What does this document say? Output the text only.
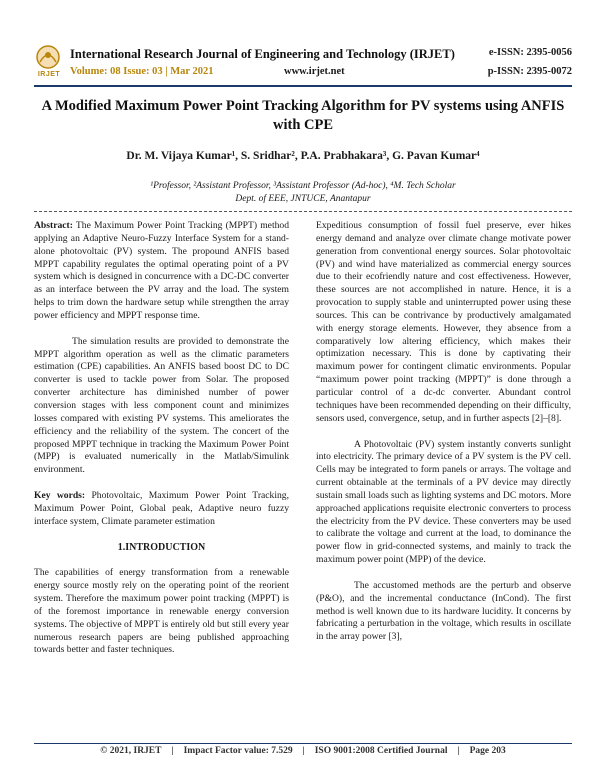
IRJET
International Research Journal of Engineering and Technology (IRJET)	e-ISSN: 2395-0056
Volume: 08 Issue: 03 | Mar 2021	www.irjet.net	p-ISSN: 2395-0072
A Modified Maximum Power Point Tracking Algorithm for PV systems using ANFIS
with CPE
Dr. M. Vijaya Kumar¹, S. Sridhar², P.A. Prabhakara³, G. Pavan Kumar⁴
¹Professor, ²Assistant Professor, ³Assistant Professor (Ad-hoc), ⁴M. Tech Scholar
Dept. of EEE, JNTUCE, Anantapur

Abstract: The Maximum Power Point Tracking (MPPT) method applying an Adaptive Neuro-Fuzzy Interface System for a stand-alone photovoltaic (PV) system. The propound ANFIS based MPPT capability regulates the optimal operating point of a PV system which is designed in concurrence with a DC-DC converter as an interface between the PV array and the load. The system helps to trim down the hardware setup while strengthen the array power efficiency and MPPT response time.

The simulation results are provided to demonstrate the MPPT algorithm operation as well as the climatic parameters estimation (CPE) capabilities. An ANFIS based boost DC to DC converter is used to tackle power from Solar. The proposed converter architecture has diminished number of power conversion stages with less component count and minimizes losses compared with existing PV systems. This ameliorates the efficiency and the reliability of the system. The concert of the proposed MPPT technique in tracking the Maximum Power Point (MPP) is evaluated numerically in the Matlab/Simulink environment.

Key words: Photovoltaic, Maximum Power Point Tracking, Maximum Power Point, Global peak, Adaptive neuro fuzzy interface system, Climate parameter estimation

1.INTRODUCTION

The capabilities of energy transformation from a renewable energy source mostly rely on the operating point of the reorient system. Therefore the maximum power point tracking (MPPT) is of the foremost importance in renewable energy conversion systems. The objective of MPPT is entirely old but still every year numerous research papers are being published approaching towards better and faster techniques.

Expeditious consumption of fossil fuel preserve, ever hikes energy demand and analyze over climate change motivate power generation from conventional energy sources. Solar photovoltaic (PV) and wind have materialized as commercial energy sources due to their ecofriendly nature and cost effectiveness. However, these sources are not accomplished in nature. Hence, it is a provocation to supply stable and uninterrupted power using these sources. This can be contrivance by productively amalgamated with energy storage elements. However, they absence from a comparatively low altering efficiency, which makes their optimization necessary. This is done by captivating their maximum power for contingent climatic environments. Popular “maximum power point tracking (MPPT)” is done through a particular control of a dc-dc converter. Abundant control techniques have been recommended depending on their difficulty, sensors used, convergence, setup, and in further aspects [2]–[8].

A Photovoltaic (PV) system instantly converts sunlight into electricity. The primary device of a PV system is the PV cell. Cells may be integrated to form panels or arrays. The voltage and current obtainable at the terminals of a PV device may directly sustain small loads such as lighting systems and DC motors. More approached applications requisite electronic converters to process the electricity from the PV device. These converters may be used to calibrate the voltage and current at the load, to dominance the power flow in grid-connected systems, and mainly to track the maximum power point (MPP) of the device.

The accustomed methods are the perturb and observe (P&O), and the incremental conductance (InCond). The first method is well known due to its hardware lucidity. It concerns by fabricating a perturbation in the voltage, which results in oscillate in the array power [3],

© 2021, IRJET | Impact Factor value: 7.529 | ISO 9001:2008 Certified Journal | Page 203
